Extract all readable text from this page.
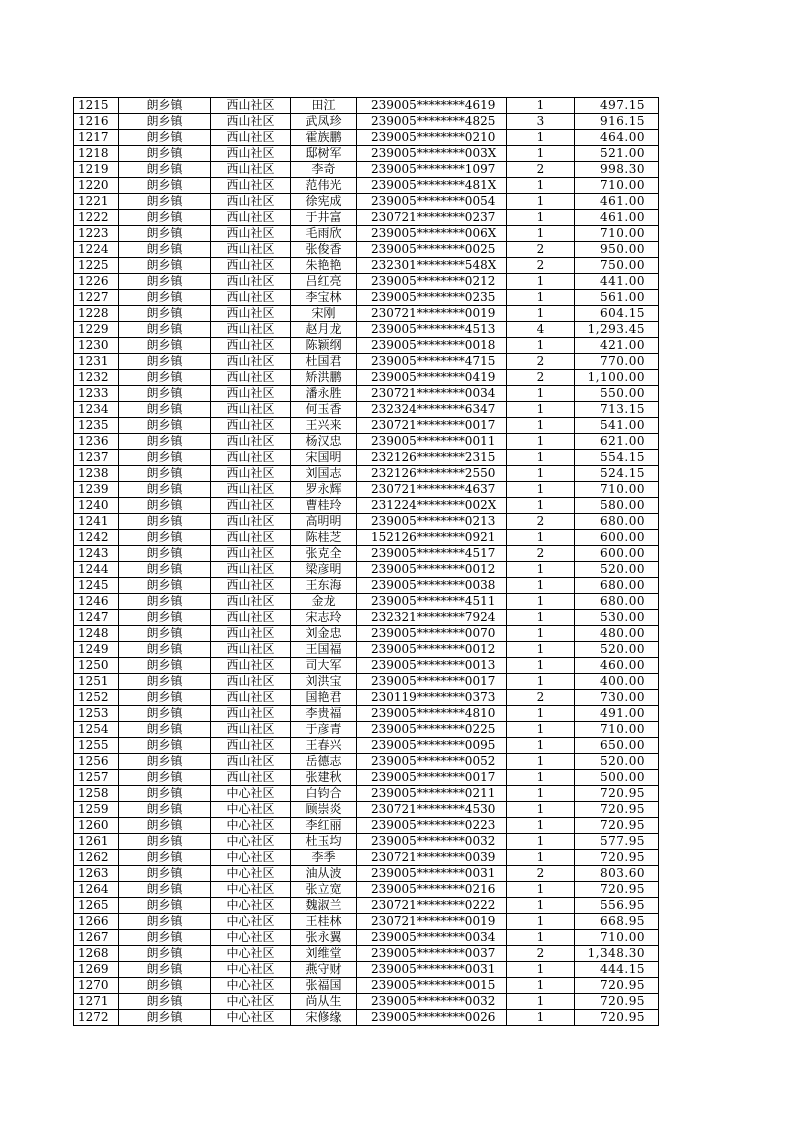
1215	朗乡镇	西山社区	田江	239005********4619	1	497.15
1216	朗乡镇	西山社区	武凤珍	239005********4825	3	916.15
1217	朗乡镇	西山社区	霍族鹏	239005********0210	1	464.00
1218	朗乡镇	西山社区	邸树军	239005********003X	1	521.00
1219	朗乡镇	西山社区	李奇	239005********1097	2	998.30
1220	朗乡镇	西山社区	范伟光	239005********481X	1	710.00
1221	朗乡镇	西山社区	徐宪成	239005********0054	1	461.00
1222	朗乡镇	西山社区	于井富	230721********0237	1	461.00
1223	朗乡镇	西山社区	毛雨欣	239005********006X	1	710.00
1224	朗乡镇	西山社区	张俊香	239005********0025	2	950.00
1225	朗乡镇	西山社区	朱艳艳	232301********548X	2	750.00
1226	朗乡镇	西山社区	吕红亮	239005********0212	1	441.00
1227	朗乡镇	西山社区	李宝林	239005********0235	1	561.00
1228	朗乡镇	西山社区	宋刚	230721********0019	1	604.15
1229	朗乡镇	西山社区	赵月龙	239005********4513	4	1,293.45
1230	朗乡镇	西山社区	陈颖纲	239005********0018	1	421.00
1231	朗乡镇	西山社区	杜国君	239005********4715	2	770.00
1232	朗乡镇	西山社区	矫洪鹏	239005********0419	2	1,100.00
1233	朗乡镇	西山社区	潘永胜	230721********0034	1	550.00
1234	朗乡镇	西山社区	何玉香	232324********6347	1	713.15
1235	朗乡镇	西山社区	王兴来	230721********0017	1	541.00
1236	朗乡镇	西山社区	杨汉忠	239005********0011	1	621.00
1237	朗乡镇	西山社区	宋国明	232126********2315	1	554.15
1238	朗乡镇	西山社区	刘国志	232126********2550	1	524.15
1239	朗乡镇	西山社区	罗永辉	230721********4637	1	710.00
1240	朗乡镇	西山社区	曹桂玲	231224********002X	1	580.00
1241	朗乡镇	西山社区	高明明	239005********0213	2	680.00
1242	朗乡镇	西山社区	陈桂芝	152126********0921	1	600.00
1243	朗乡镇	西山社区	张克全	239005********4517	2	600.00
1244	朗乡镇	西山社区	梁彦明	239005********0012	1	520.00
1245	朗乡镇	西山社区	王东海	239005********0038	1	680.00
1246	朗乡镇	西山社区	金龙	239005********4511	1	680.00
1247	朗乡镇	西山社区	宋志玲	232321********7924	1	530.00
1248	朗乡镇	西山社区	刘金忠	239005********0070	1	480.00
1249	朗乡镇	西山社区	王国福	239005********0012	1	520.00
1250	朗乡镇	西山社区	司大军	239005********0013	1	460.00
1251	朗乡镇	西山社区	刘洪宝	239005********0017	1	400.00
1252	朗乡镇	西山社区	国艳君	230119********0373	2	730.00
1253	朗乡镇	西山社区	李贵福	239005********4810	1	491.00
1254	朗乡镇	西山社区	于彦青	239005********0225	1	710.00
1255	朗乡镇	西山社区	王春兴	239005********0095	1	650.00
1256	朗乡镇	西山社区	岳德志	239005********0052	1	520.00
1257	朗乡镇	西山社区	张建秋	239005********0017	1	500.00
1258	朗乡镇	中心社区	白钧合	239005********0211	1	720.95
1259	朗乡镇	中心社区	顾崇炎	230721********4530	1	720.95
1260	朗乡镇	中心社区	李红丽	239005********0223	1	720.95
1261	朗乡镇	中心社区	杜玉均	239005********0032	1	577.95
1262	朗乡镇	中心社区	李季	230721********0039	1	720.95
1263	朗乡镇	中心社区	油从波	239005********0031	2	803.60
1264	朗乡镇	中心社区	张立宽	239005********0216	1	720.95
1265	朗乡镇	中心社区	魏淑兰	230721********0222	1	556.95
1266	朗乡镇	中心社区	王桂林	230721********0019	1	668.95
1267	朗乡镇	中心社区	张永翼	239005********0034	1	710.00
1268	朗乡镇	中心社区	刘维堂	239005********0037	2	1,348.30
1269	朗乡镇	中心社区	燕守财	239005********0031	1	444.15
1270	朗乡镇	中心社区	张福国	239005********0015	1	720.95
1271	朗乡镇	中心社区	尚从生	239005********0032	1	720.95
1272	朗乡镇	中心社区	宋修缘	239005********0026	1	720.95
